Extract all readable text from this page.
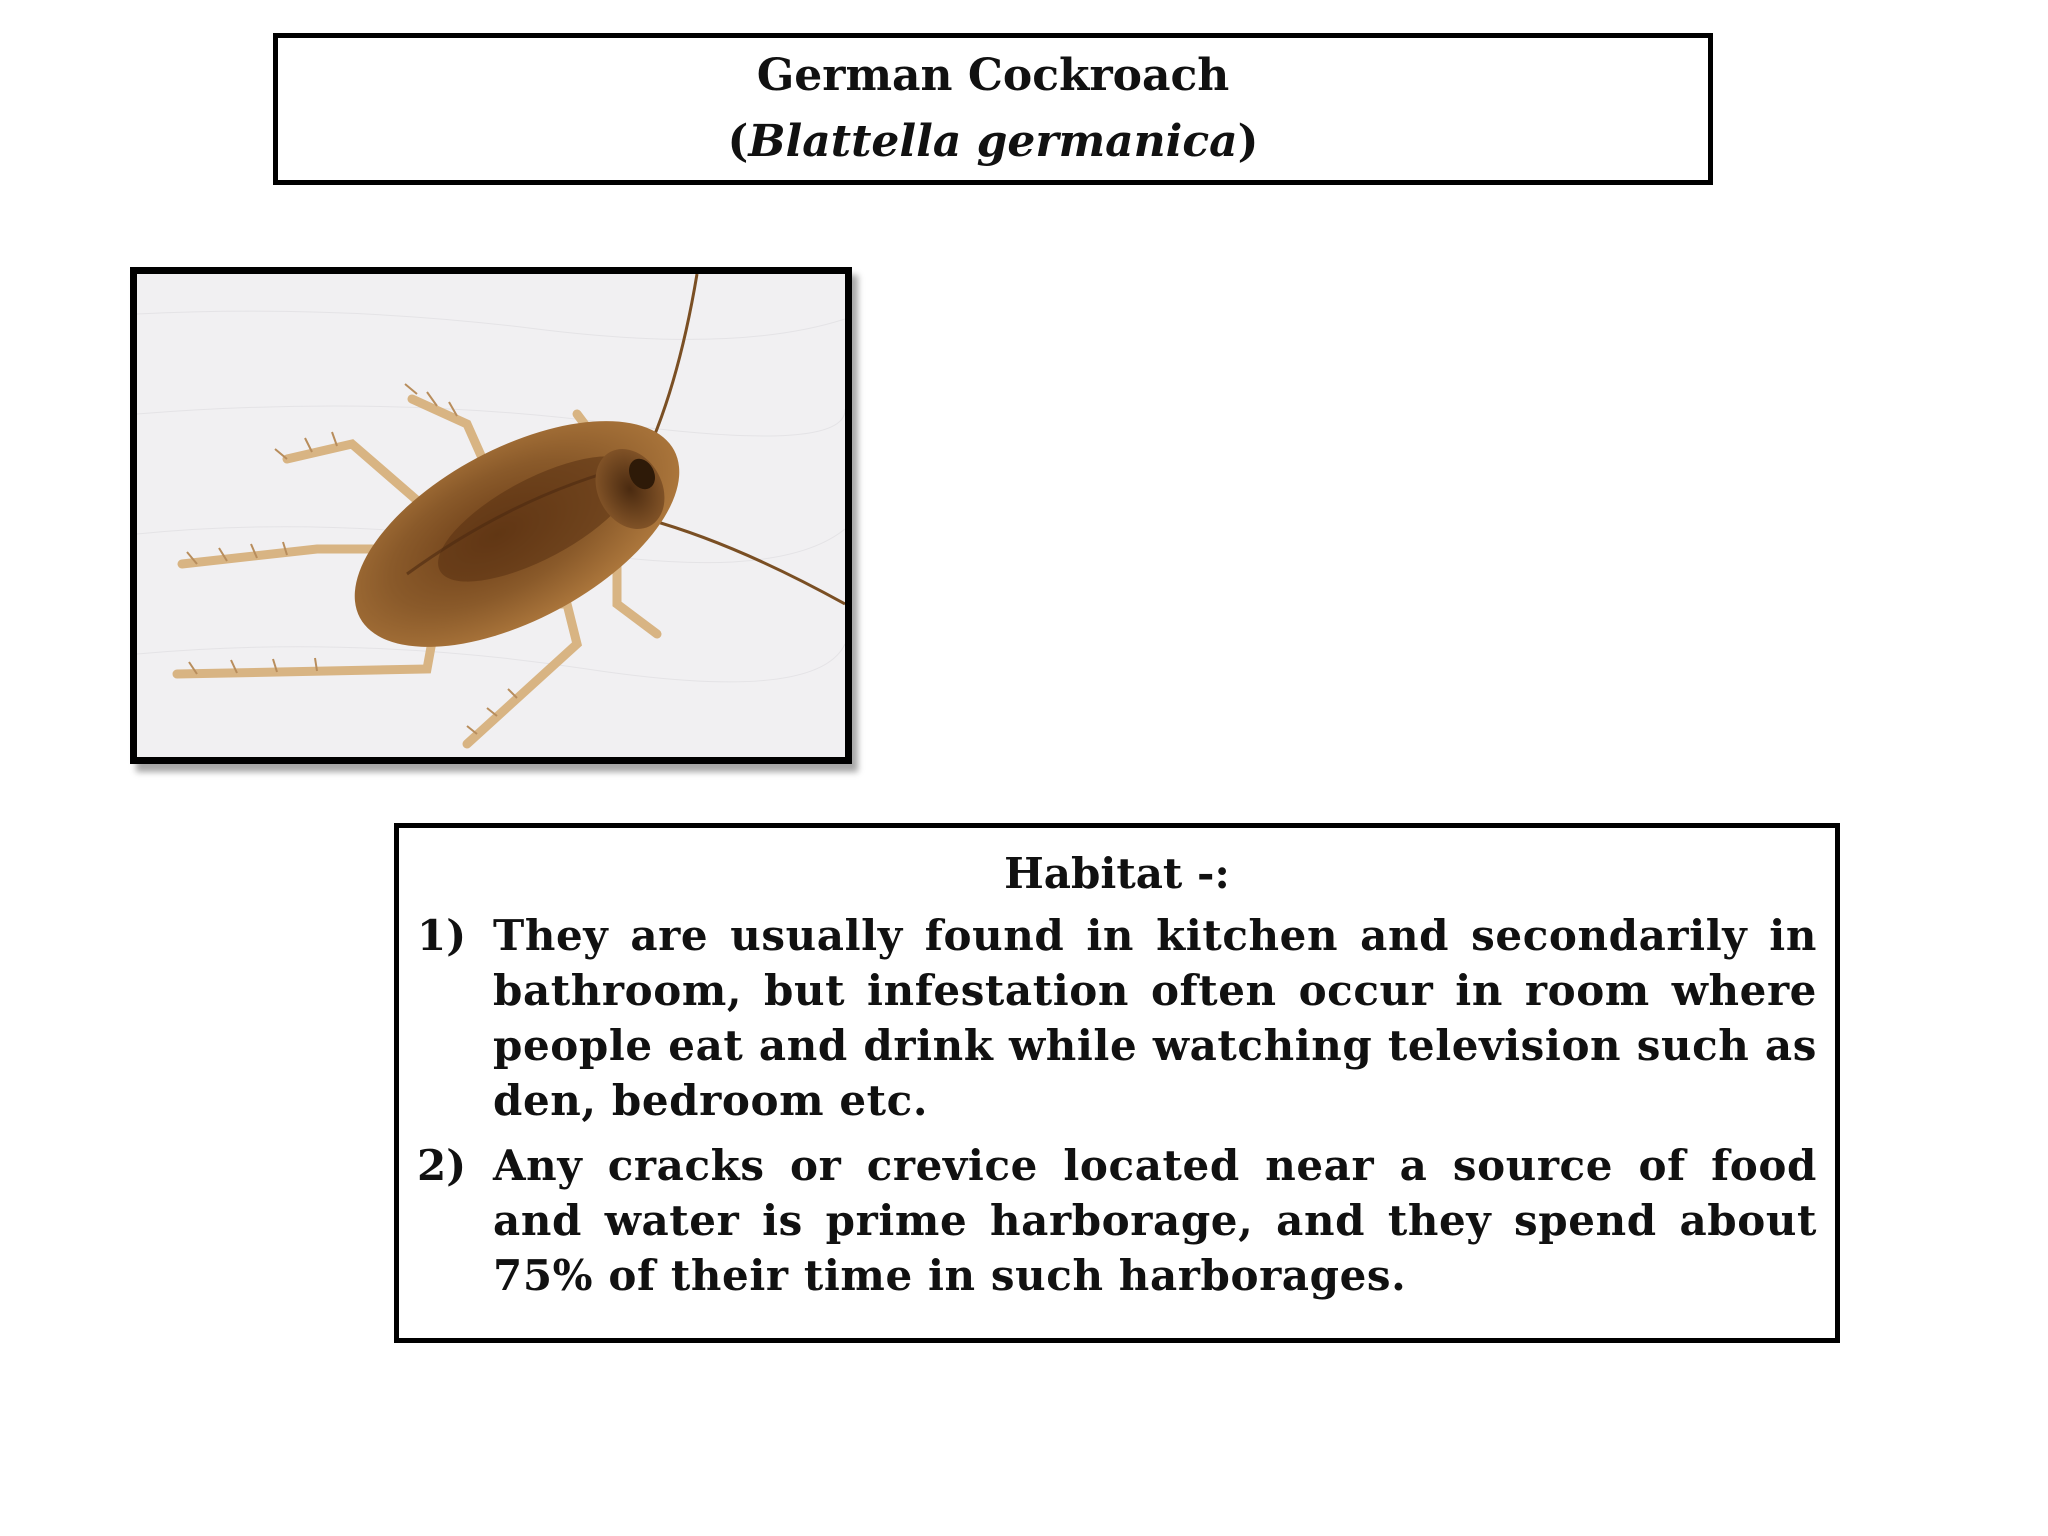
German Cockroach
(Blattella germanica)
Habitat -:
1) They are usually found in kitchen and secondarily in bathroom, but infestation often occur in room where people eat and drink while watching television such as den, bedroom etc.
2) Any cracks or crevice located near a source of food and water is prime harborage, and they spend about 75% of their time in such harborages.
